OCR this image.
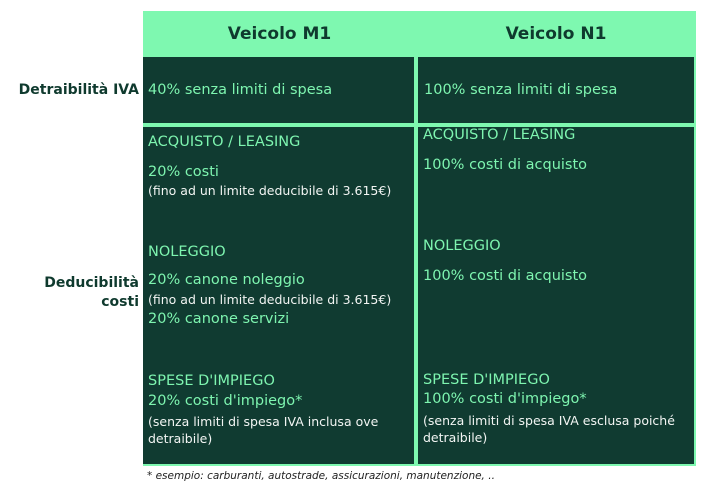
Veicolo M1	Veicolo N1
Detraibilità IVA
Deducibilità
costi
40% senza limiti di spesa	100% senza limiti di spesa
ACQUISTO / LEASING
20% costi
(fino ad un limite deducibile di 3.615€)
NOLEGGIO
20% canone noleggio
(fino ad un limite deducibile di 3.615€)
20% canone servizi
SPESE D'IMPIEGO
20% costi d'impiego*
(senza limiti di spesa IVA inclusa ove
detraibile)
ACQUISTO / LEASING
100% costi di acquisto
NOLEGGIO
100% costi di acquisto
SPESE D'IMPIEGO
100% costi d'impiego*
(senza limiti di spesa IVA esclusa poiché
detraibile)
* esempio: carburanti, autostrade, assicurazioni, manutenzione, ..
